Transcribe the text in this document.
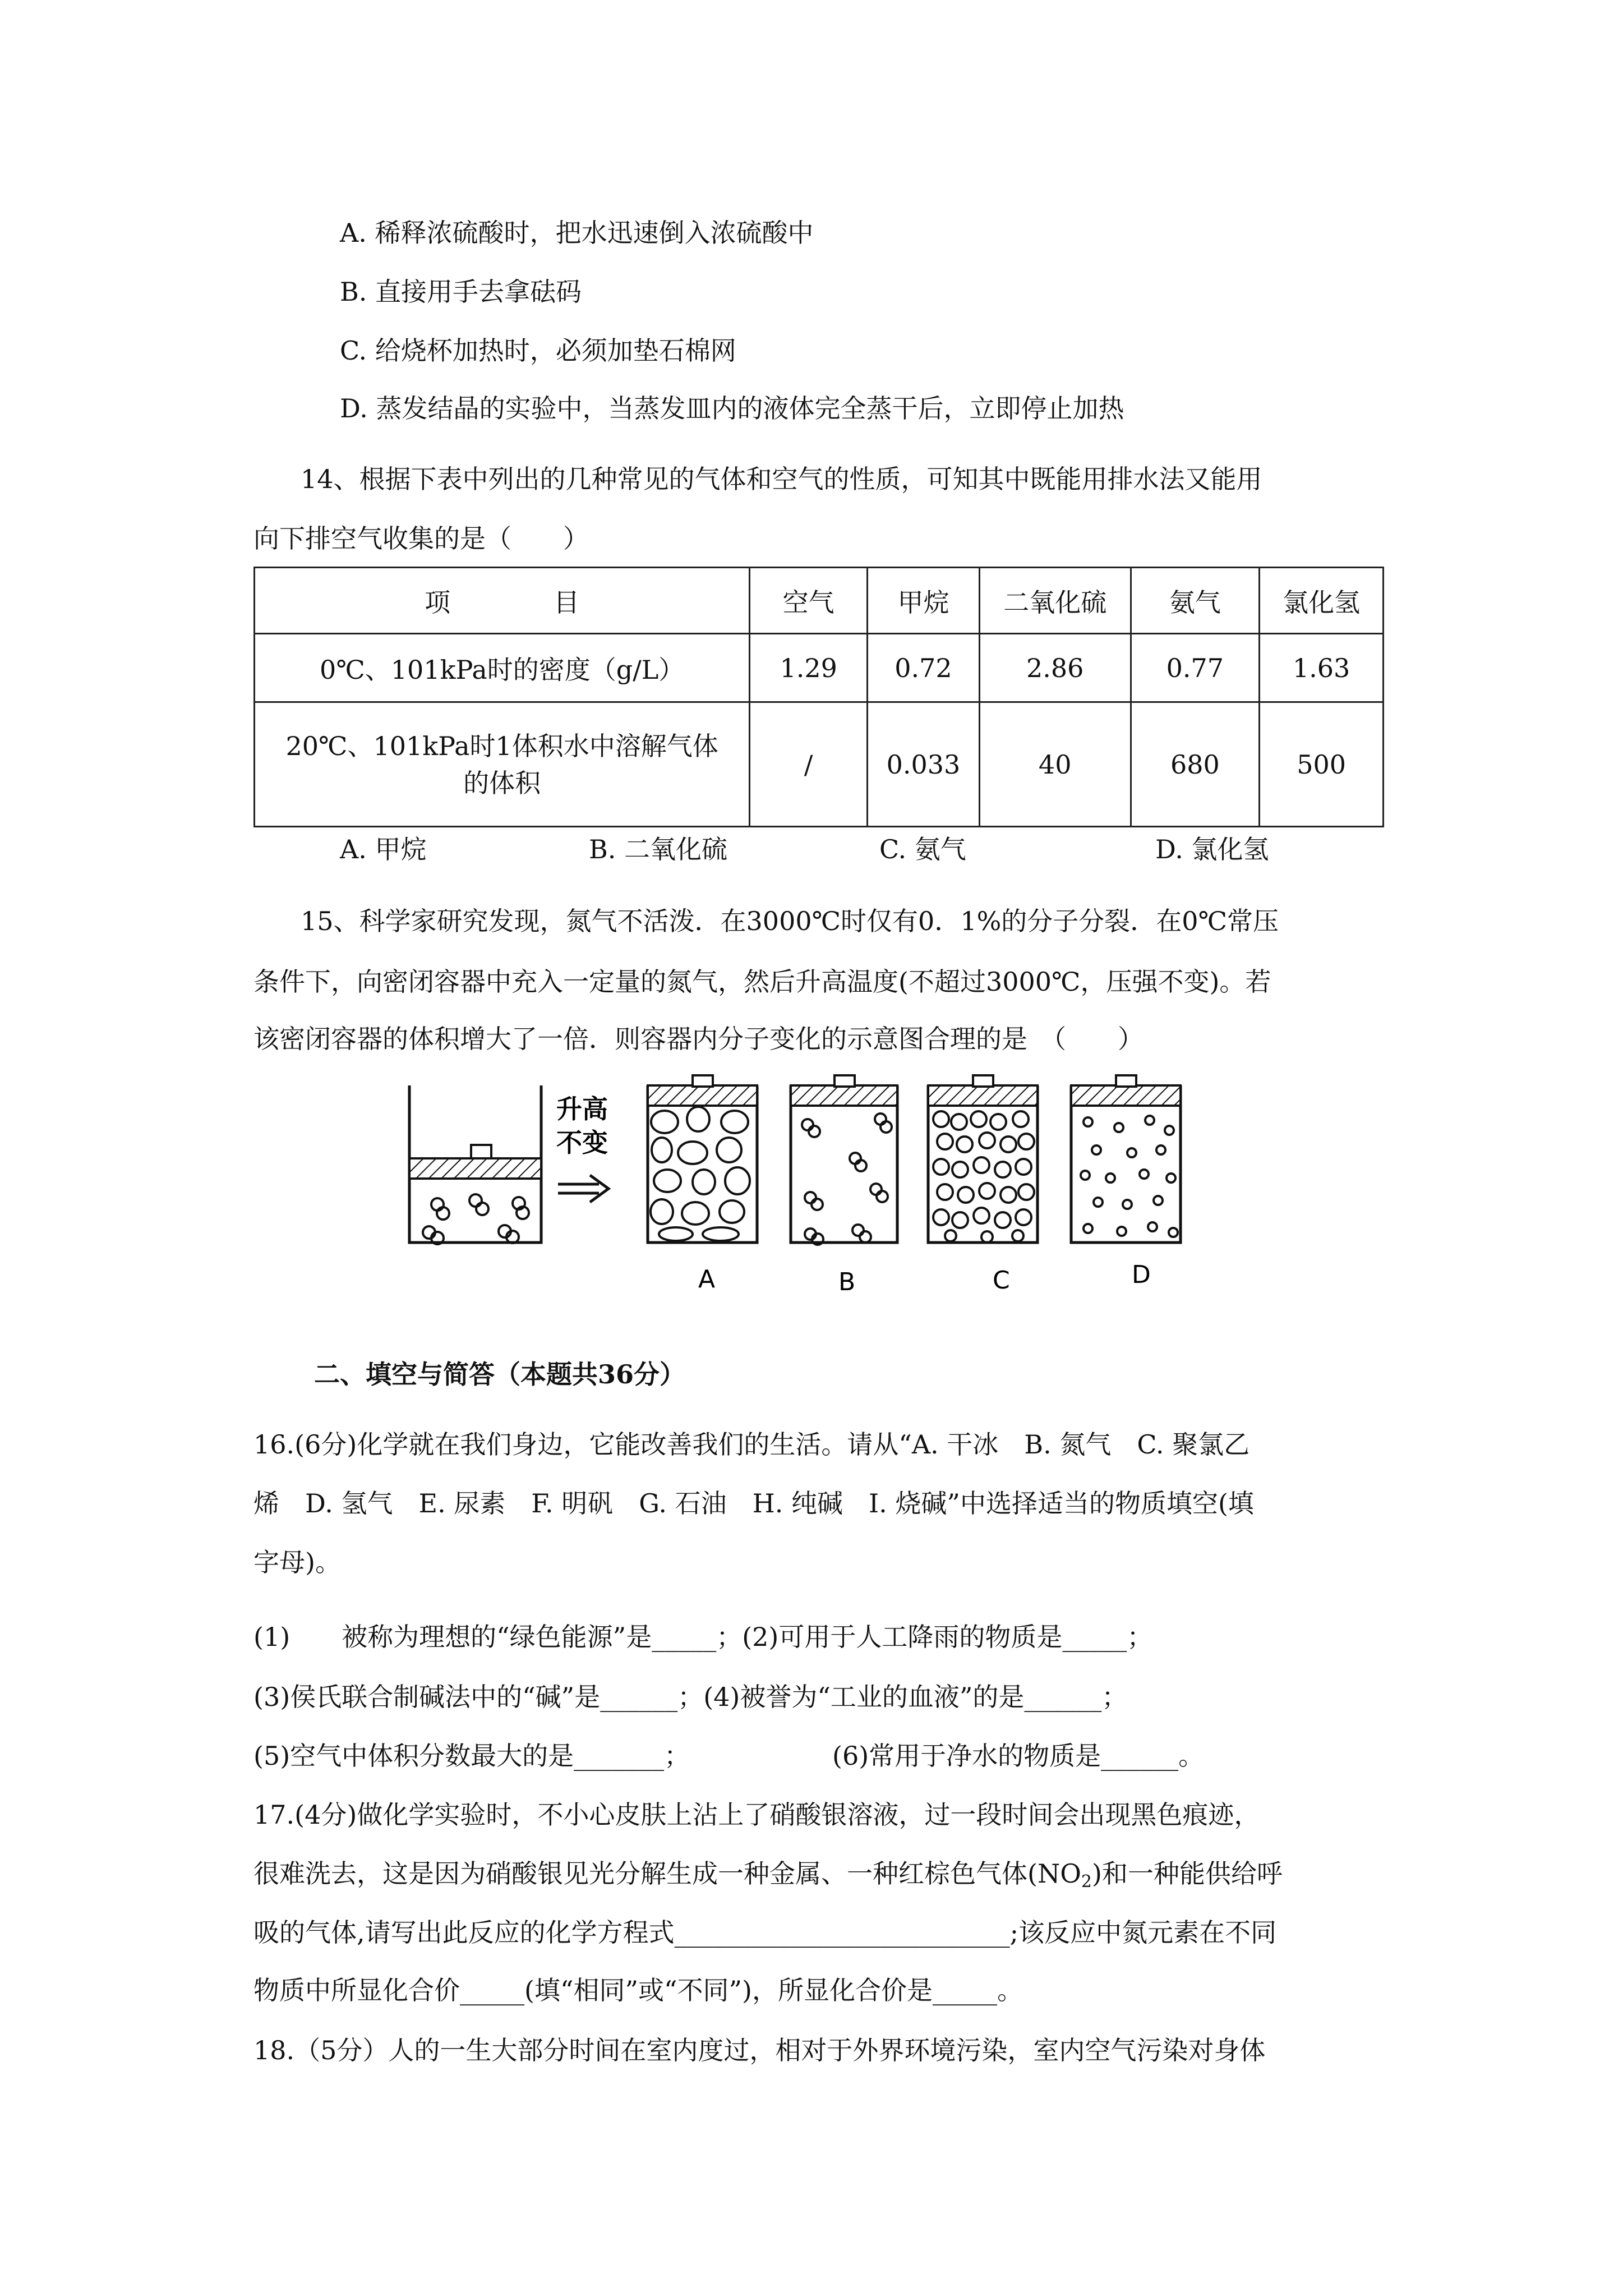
A. 稀释浓硫酸时，把水迅速倒入浓硫酸中
B. 直接用手去拿砝码
C. 给烧杯加热时，必须加垫石棉网
D. 蒸发结晶的实验中，当蒸发皿内的液体完全蒸干后，立即停止加热
14、根据下表中列出的几种常见的气体和空气的性质，可知其中既能用排水法又能用
向下排空气收集的是（　　）
项　　　　目	空气	甲烷	二氧化硫	氨气	氯化氢
0℃、101kPa时的密度（g/L）	1.29	0.72	2.86	0.77	1.63

20℃、101kPa时1体积水中溶解气体
的体积	/	0.033	40	680	500
A. 甲烷	B. 二氧化硫	C. 氨气	D. 氯化氢
15、科学家研究发现，氮气不活泼．在3000℃时仅有0．1%的分子分裂．在0℃常压
条件下，向密闭容器中充入一定量的氮气，然后升高温度(不超过3000℃，压强不变)。若
该密闭容器的体积增大了一倍．则容器内分子变化的示意图合理的是　（　　）
升高
不变
A	B	C	D
二、填空与简答（本题共36分）
16.(6分)化学就在我们身边，它能改善我们的生活。请从“A. 干冰　B. 氮气　C. 聚氯乙
烯　D. 氢气　E. 尿素　F. 明矾　G. 石油　H. 纯碱　I. 烧碱”中选择适当的物质填空(填
字母)。
(1)　　被称为理想的“绿色能源”是_____；(2)可用于人工降雨的物质是_____；
(3)侯氏联合制碱法中的“碱”是______；(4)被誉为“工业的血液”的是______；
(5)空气中体积分数最大的是_______；	(6)常用于净水的物质是______。
17.(4分)做化学实验时，不小心皮肤上沾上了硝酸银溶液，过一段时间会出现黑色痕迹，
很难洗去，这是因为硝酸银见光分解生成一种金属、一种红棕色气体$(NO_2)$和一种能供给呼
吸的气体,请写出此反应的化学方程式__________________________;该反应中氮元素在不同
物质中所显化合价_____(填“相同”或“不同”)，所显化合价是_____。
18.（5分）人的一生大部分时间在室内度过，相对于外界环境污染，室内空气污染对身体
